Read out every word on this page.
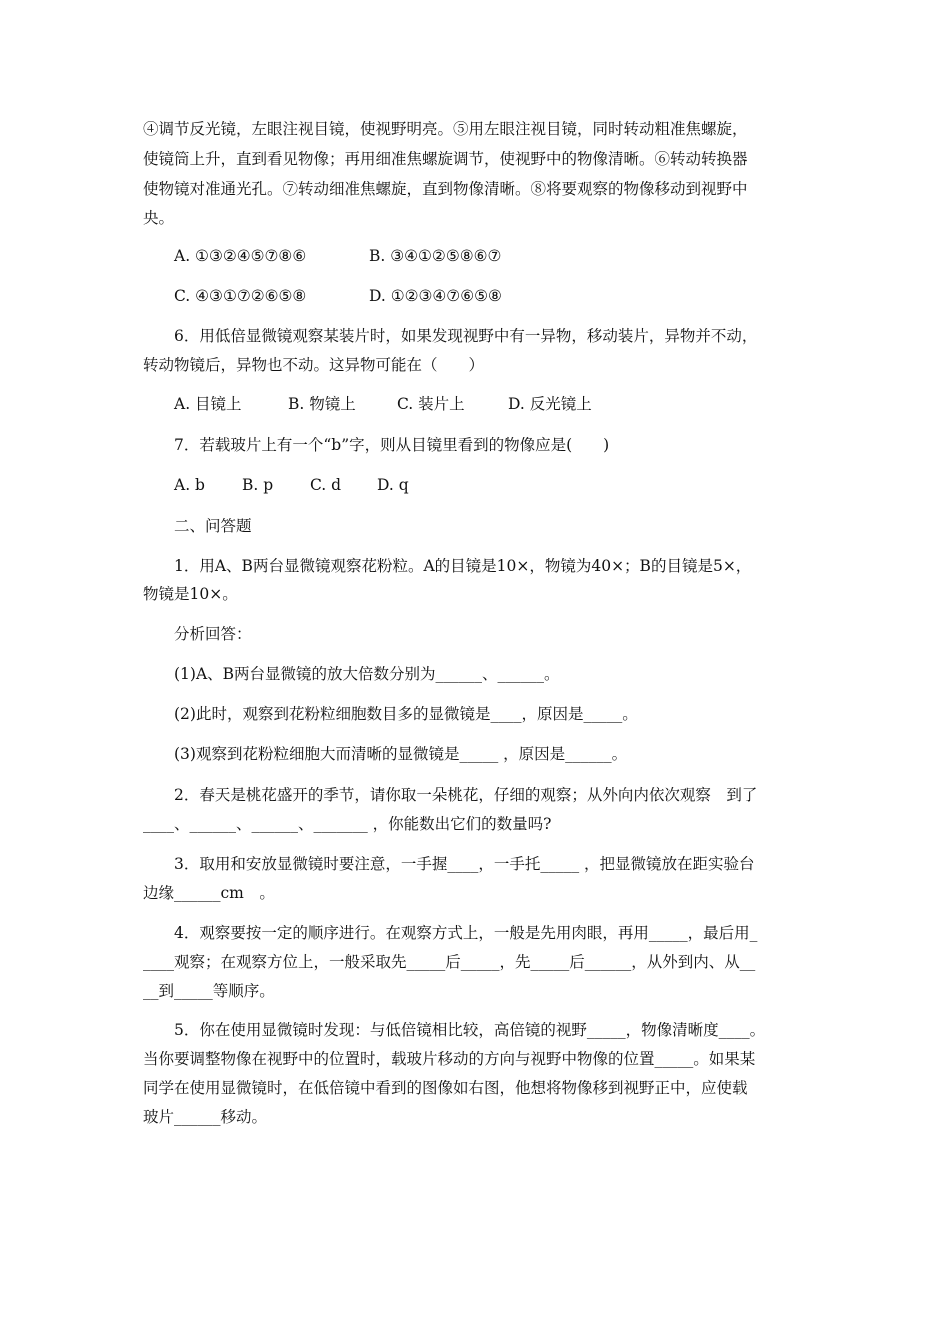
④调节反光镜，左眼注视目镜，使视野明亮。⑤用左眼注视目镜，同时转动粗准焦螺旋，
使镜筒上升，直到看见物像；再用细准焦螺旋调节，使视野中的物像清晰。⑥转动转换器
使物镜对准通光孔。⑦转动细准焦螺旋，直到物像清晰。⑧将要观察的物像移动到视野中
央。
A. ①③②④⑤⑦⑧⑥	B. ③④①②⑤⑧⑥⑦
C. ④③①⑦②⑥⑤⑧	D. ①②③④⑦⑥⑤⑧
6．用低倍显微镜观察某装片时，如果发现视野中有一异物，移动装片，异物并不动，
转动物镜后，异物也不动。这异物可能在（　　）
A. 目镜上	B. 物镜上	C. 装片上	D. 反光镜上
7．若载玻片上有一个“b”字，则从目镜里看到的物像应是(　　)
A. b B. p C. d D. q
二、问答题
1．用A、B两台显微镜观察花粉粒。A的目镜是10×，物镜为40×；B的目镜是5×，
物镜是10×。
分析回答：
(1)A、B两台显微镜的放大倍数分别为______、______。
(2)此时，观察到花粉粒细胞数目多的显微镜是____，原因是_____。
(3)观察到花粉粒细胞大而清晰的显微镜是_____ ，原因是______。
2．春天是桃花盛开的季节，请你取一朵桃花，仔细的观察；从外向内依次观察　到了
____、______、______、_______ ，你能数出它们的数量吗?
3．取用和安放显微镜时要注意，一手握____，一手托_____ ，把显微镜放在距实验台
边缘______cm　。
4．观察要按一定的顺序进行。在观察方式上，一般是先用肉眼，再用_____，最后用_
____观察；在观察方位上，一般采取先_____后_____，先_____后______，从外到内、从__
__到_____等顺序。
5．你在使用显微镜时发现：与低倍镜相比较，高倍镜的视野_____，物像清晰度____。
当你要调整物像在视野中的位置时，载玻片移动的方向与视野中物像的位置_____。如果某
同学在使用显微镜时，在低倍镜中看到的图像如右图，他想将物像移到视野正中，应使载
玻片______移动。
